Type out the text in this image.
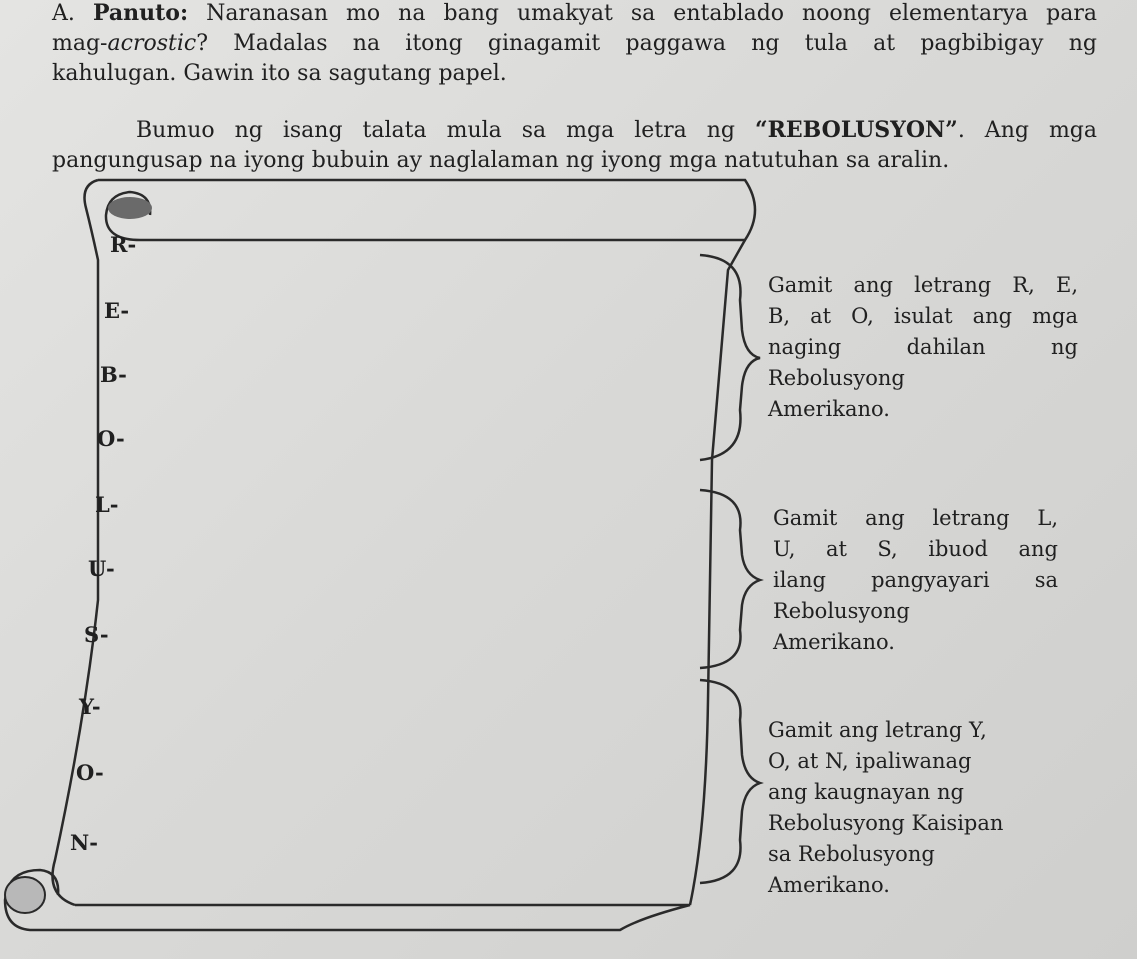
A. Panuto: Naranasan mo na bang umakyat sa entablado noong elementarya para
mag-acrostic? Madalas na itong ginagamit paggawa ng tula at pagbibigay ng
kahulugan. Gawin ito sa sagutang papel.
Bumuo ng isang talata mula sa mga letra ng “REBOLUSYON”. Ang mga
pangungusap na iyong bubuin ay naglalaman ng iyong mga natutuhan sa aralin.
R-
E-
B-
O-
L-
U-
S-
Y-
O-
N-
Gamit ang letrang R, E,
B, at O, isulat ang mga
naging dahilan ng
Rebolusyong
Amerikano.
Gamit ang letrang L,
U, at S, ibuod ang
ilang pangyayari sa
Rebolusyong
Amerikano.
Gamit ang letrang Y,
O, at N, ipaliwanag
ang kaugnayan ng
Rebolusyong Kaisipan
sa Rebolusyong
Amerikano.
